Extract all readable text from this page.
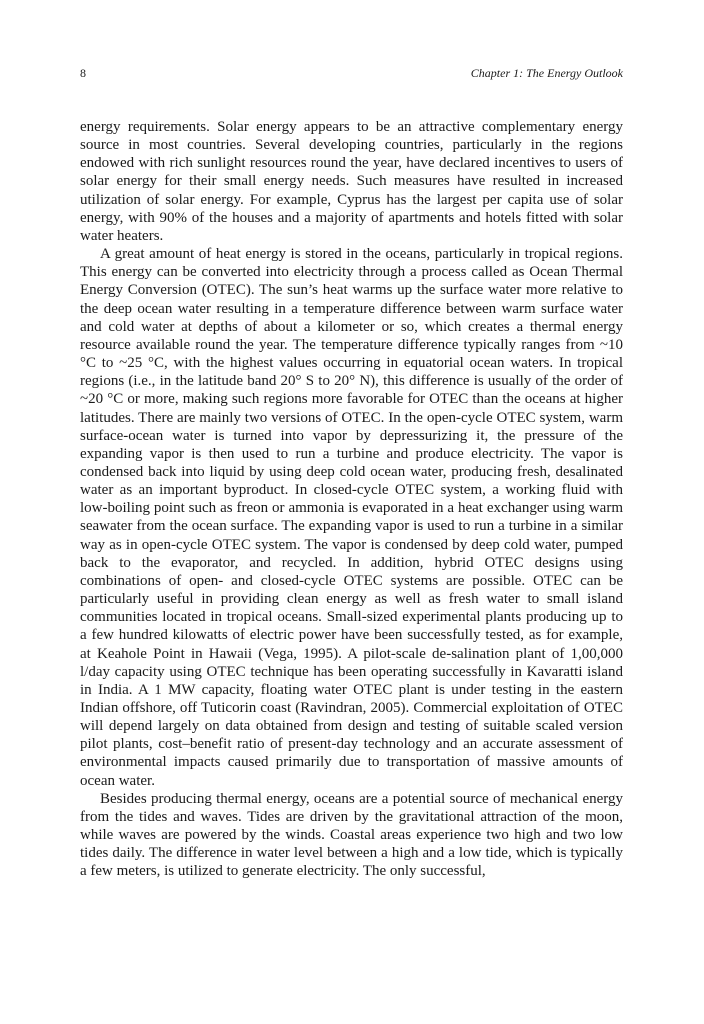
8	Chapter 1: The Energy Outlook

energy requirements. Solar energy appears to be an attractive complementary energy source in most countries. Several developing countries, particularly in the regions endowed with rich sunlight resources round the year, have declared incentives to users of solar energy for their small energy needs. Such measures have resulted in increased utilization of solar energy. For example, Cyprus has the largest per capita use of solar energy, with 90% of the houses and a majority of apartments and hotels fitted with solar water heaters.

A great amount of heat energy is stored in the oceans, particularly in tropical regions. This energy can be converted into electricity through a process called as Ocean Thermal Energy Conversion (OTEC). The sun’s heat warms up the surface water more relative to the deep ocean water resulting in a temperature difference between warm surface water and cold water at depths of about a kilometer or so, which creates a thermal energy resource available round the year. The temperature difference typically ranges from ~10 °C to ~25 °C, with the highest values occurring in equatorial ocean waters. In tropical regions (i.e., in the latitude band 20° S to 20° N), this difference is usually of the order of ~20 °C or more, making such regions more favorable for OTEC than the oceans at higher latitudes. There are mainly two versions of OTEC. In the open-cycle OTEC system, warm surface-ocean water is turned into vapor by depressurizing it, the pressure of the expanding vapor is then used to run a turbine and produce electricity. The vapor is condensed back into liquid by using deep cold ocean water, producing fresh, desalinated water as an important byproduct. In closed-cycle OTEC system, a working fluid with low-boiling point such as freon or ammonia is evaporated in a heat exchanger using warm seawater from the ocean surface. The expanding vapor is used to run a turbine in a similar way as in open-cycle OTEC system. The vapor is condensed by deep cold water, pumped back to the evaporator, and recycled. In addition, hybrid OTEC designs using combinations of open- and closed-cycle OTEC systems are possible. OTEC can be particularly useful in providing clean energy as well as fresh water to small island communities located in tropical oceans. Small-sized experimental plants producing up to a few hundred kilowatts of electric power have been successfully tested, as for example, at Keahole Point in Hawaii (Vega, 1995). A pilot-scale de-salination plant of 1,00,000 l/day capacity using OTEC technique has been operating successfully in Kavaratti island in India. A 1 MW capacity, floating water OTEC plant is under testing in the eastern Indian offshore, off Tuticorin coast (Ravindran, 2005). Commercial exploitation of OTEC will depend largely on data obtained from design and testing of suitable scaled version pilot plants, cost–benefit ratio of present-day technology and an accurate assessment of environmental impacts caused primarily due to transportation of massive amounts of ocean water.

Besides producing thermal energy, oceans are a potential source of mechanical energy from the tides and waves. Tides are driven by the gravitational attraction of the moon, while waves are powered by the winds. Coastal areas experience two high and two low tides daily. The difference in water level between a high and a low tide, which is typically a few meters, is utilized to generate electricity. The only successful,
